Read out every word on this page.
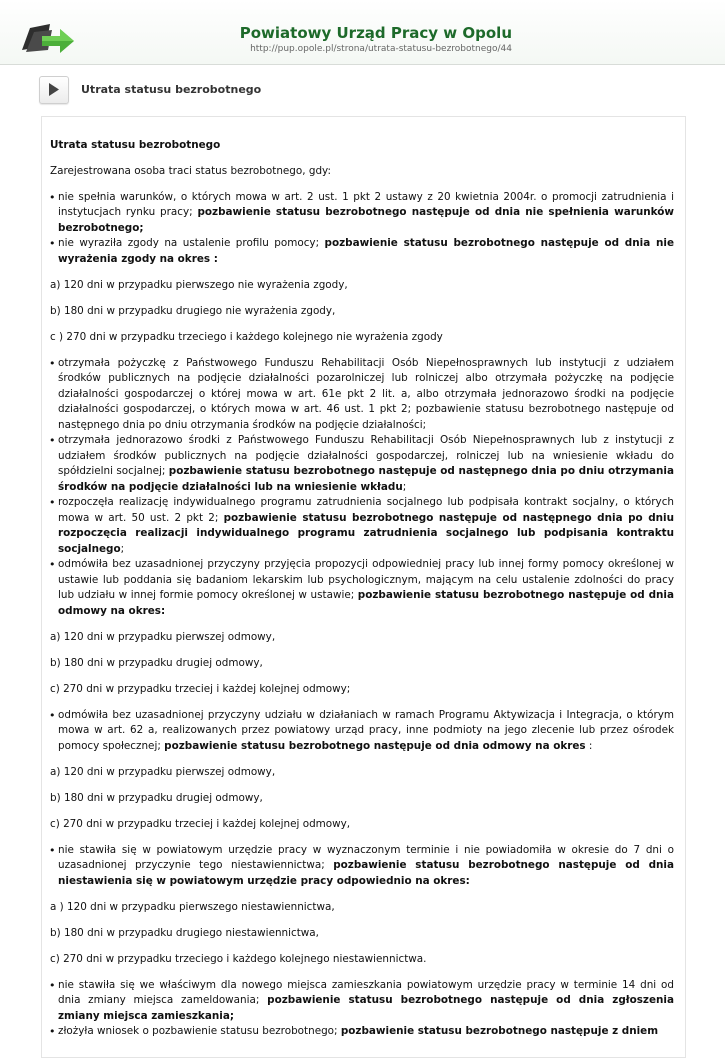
Powiatowy Urząd Pracy w Opolu
http://pup.opole.pl/strona/utrata-statusu-bezrobotnego/44
Utrata statusu bezrobotnego
Utrata statusu bezrobotnego

Zarejestrowana osoba traci status bezrobotnego, gdy:

• nie spełnia warunków, o których mowa w art. 2 ust. 1 pkt 2 ustawy z 20 kwietnia 2004r. o promocji zatrudnienia i instytucjach rynku pracy; pozbawienie statusu bezrobotnego następuje od dnia nie spełnienia warunków bezrobotnego;
• nie wyraziła zgody na ustalenie profilu pomocy; pozbawienie statusu bezrobotnego następuje od dnia nie wyrażenia zgody na okres :

a) 120 dni w przypadku pierwszego nie wyrażenia zgody,

b) 180 dni w przypadku drugiego nie wyrażenia zgody,

c ) 270 dni w przypadku trzeciego i każdego kolejnego nie wyrażenia zgody

• otrzymała pożyczkę z Państwowego Funduszu Rehabilitacji Osób Niepełnosprawnych lub instytucji z udziałem środków publicznych na podjęcie działalności pozarolniczej lub rolniczej albo otrzymała pożyczkę na podjęcie działalności gospodarczej o której mowa w art. 61e pkt 2 lit. a, albo otrzymała jednorazowo środki na podjęcie działalności gospodarczej, o których mowa w art. 46 ust. 1 pkt 2; pozbawienie statusu bezrobotnego następuje od następnego dnia po dniu otrzymania środków na podjęcie działalności;
• otrzymała jednorazowo środki z Państwowego Funduszu Rehabilitacji Osób Niepełnosprawnych lub z instytucji z udziałem środków publicznych na podjęcie działalności gospodarczej, rolniczej lub na wniesienie wkładu do spółdzielni socjalnej; pozbawienie statusu bezrobotnego następuje od następnego dnia po dniu otrzymania środków na podjęcie działalności lub na wniesienie wkładu;
• rozpoczęła realizację indywidualnego programu zatrudnienia socjalnego lub podpisała kontrakt socjalny, o których mowa w art. 50 ust. 2 pkt 2; pozbawienie statusu bezrobotnego następuje od następnego dnia po dniu rozpoczęcia realizacji indywidualnego programu zatrudnienia socjalnego lub podpisania kontraktu socjalnego;
• odmówiła bez uzasadnionej przyczyny przyjęcia propozycji odpowiedniej pracy lub innej formy pomocy określonej w ustawie lub poddania się badaniom lekarskim lub psychologicznym, mającym na celu ustalenie zdolności do pracy lub udziału w innej formie pomocy określonej w ustawie; pozbawienie statusu bezrobotnego następuje od dnia odmowy na okres:

a) 120 dni w przypadku pierwszej odmowy,

b) 180 dni w przypadku drugiej odmowy,

c) 270 dni w przypadku trzeciej i każdej kolejnej odmowy;

• odmówiła bez uzasadnionej przyczyny udziału w działaniach w ramach Programu Aktywizacja i Integracja, o którym mowa w art. 62 a, realizowanych przez powiatowy urząd pracy, inne podmioty na jego zlecenie lub przez ośrodek pomocy społecznej; pozbawienie statusu bezrobotnego następuje od dnia odmowy na okres :

a) 120 dni w przypadku pierwszej odmowy,

b) 180 dni w przypadku drugiej odmowy,

c) 270 dni w przypadku trzeciej i każdej kolejnej odmowy,

• nie stawiła się w powiatowym urzędzie pracy w wyznaczonym terminie i nie powiadomiła w okresie do 7 dni o uzasadnionej przyczynie tego niestawiennictwa; pozbawienie statusu bezrobotnego następuje od dnia niestawienia się w powiatowym urzędzie pracy odpowiednio na okres:

a ) 120 dni w przypadku pierwszego niestawiennictwa,

b) 180 dni w przypadku drugiego niestawiennictwa,

c) 270 dni w przypadku trzeciego i każdego kolejnego niestawiennictwa.

• nie stawiła się we właściwym dla nowego miejsca zamieszkania powiatowym urzędzie pracy w terminie 14 dni od dnia zmiany miejsca zameldowania; pozbawienie statusu bezrobotnego następuje od dnia zgłoszenia zmiany miejsca zamieszkania;
• złożyła wniosek o pozbawienie statusu bezrobotnego; pozbawienie statusu bezrobotnego następuje z dniem
